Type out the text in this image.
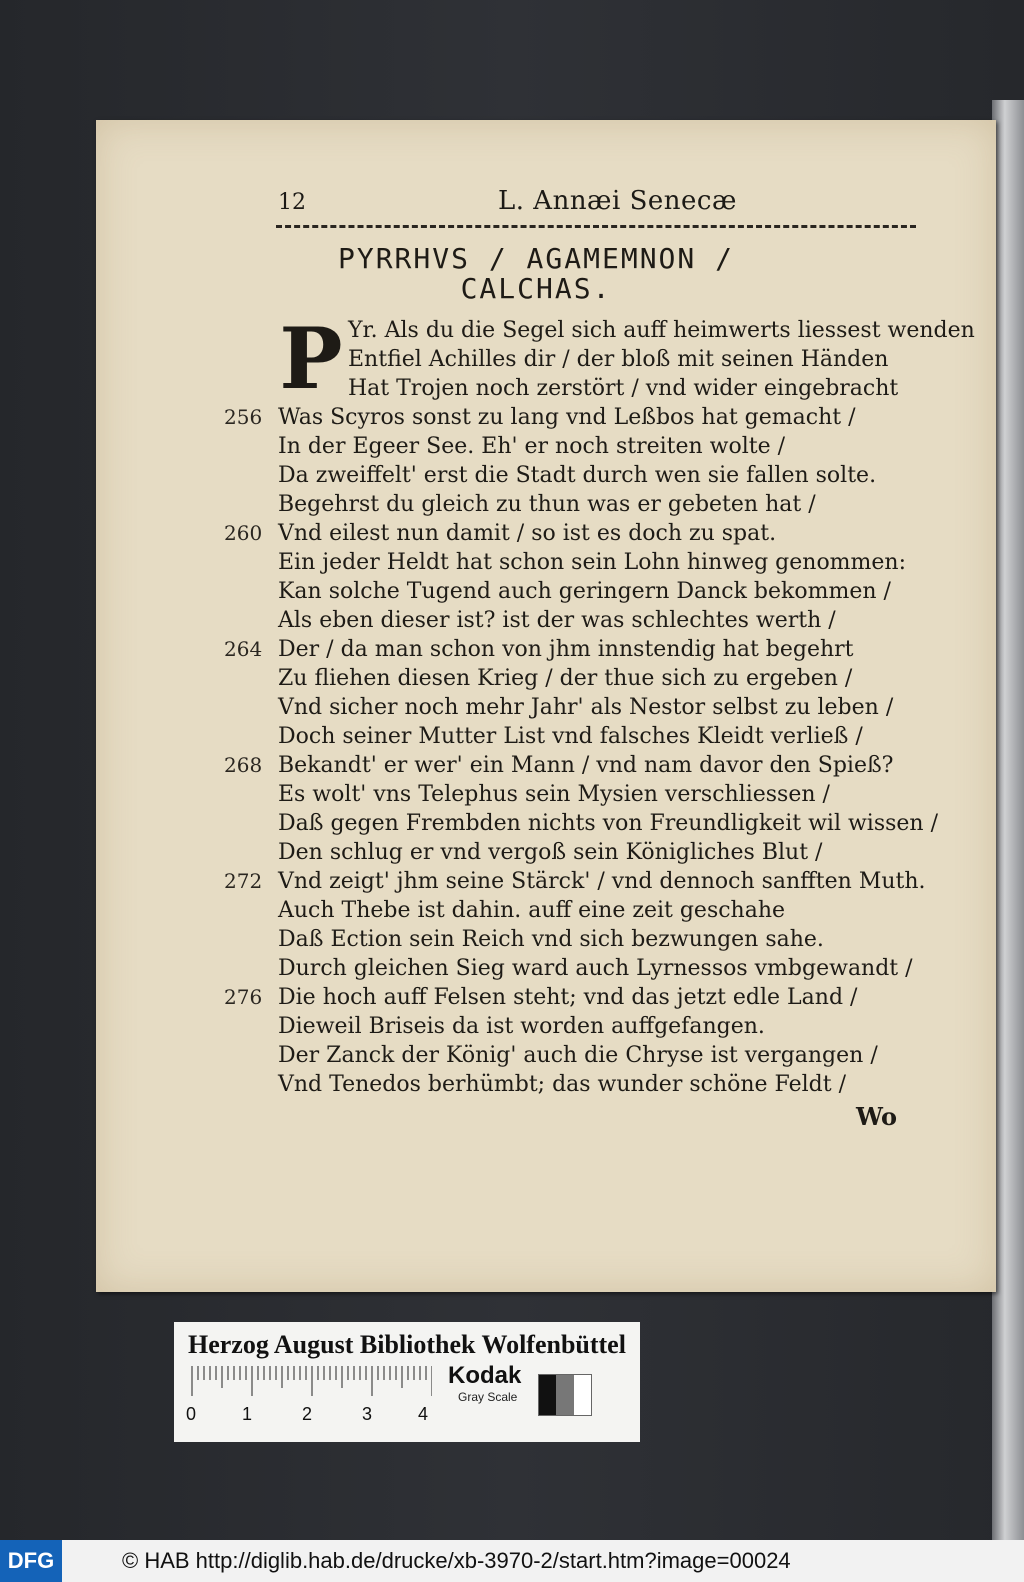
12	L. Annæi Senecæ
PYRRHVS / AGAMEMNON /
CALCHAS.
P Yr. Als du die Segel sich auff heimwerts liessest wenden
Entfiel Achilles dir / der bloß mit seinen Händen
Hat Trojen noch zerstört / vnd wider eingebracht
Was Scyros sonst zu lang vnd Leßbos hat gemacht /
256
In der Egeer See. Eh' er noch streiten wolte /
Da zweiffelt' erst die Stadt durch wen sie fallen solte.
Begehrst du gleich zu thun was er gebeten hat /
Vnd eilest nun damit / so ist es doch zu spat.
260
Ein jeder Heldt hat schon sein Lohn hinweg genommen:
Kan solche Tugend auch geringern Danck bekommen /
Als eben dieser ist? ist der was schlechtes werth /
Der / da man schon von jhm innstendig hat begehrt
264
Zu fliehen diesen Krieg / der thue sich zu ergeben /
Vnd sicher noch mehr Jahr' als Nestor selbst zu leben /
Doch seiner Mutter List vnd falsches Kleidt verließ /
Bekandt' er wer' ein Mann / vnd nam davor den Spieß?
268
Es wolt' vns Telephus sein Mysien verschliessen /
Daß gegen Frembden nichts von Freundligkeit wil wissen /
Den schlug er vnd vergoß sein Königliches Blut /
Vnd zeigt' jhm seine Stärck' / vnd dennoch sanfften Muth.
272
Auch Thebe ist dahin. auff eine zeit geschahe
Daß Ection sein Reich vnd sich bezwungen sahe.
Durch gleichen Sieg ward auch Lyrnessos vmbgewandt /
Die hoch auff Felsen steht; vnd das jetzt edle Land /
276
Dieweil Briseis da ist worden auffgefangen.
Der Zanck der König' auch die Chryse ist vergangen /
Vnd Tenedos berhümbt; das wunder schöne Feldt /
Wo
Herzog August Bibliothek Wolfenbüttel
0	1	2	3	4
Kodak
Gray Scale
DFG	© HAB http://diglib.hab.de/drucke/xb-3970-2/start.htm?image=00024
